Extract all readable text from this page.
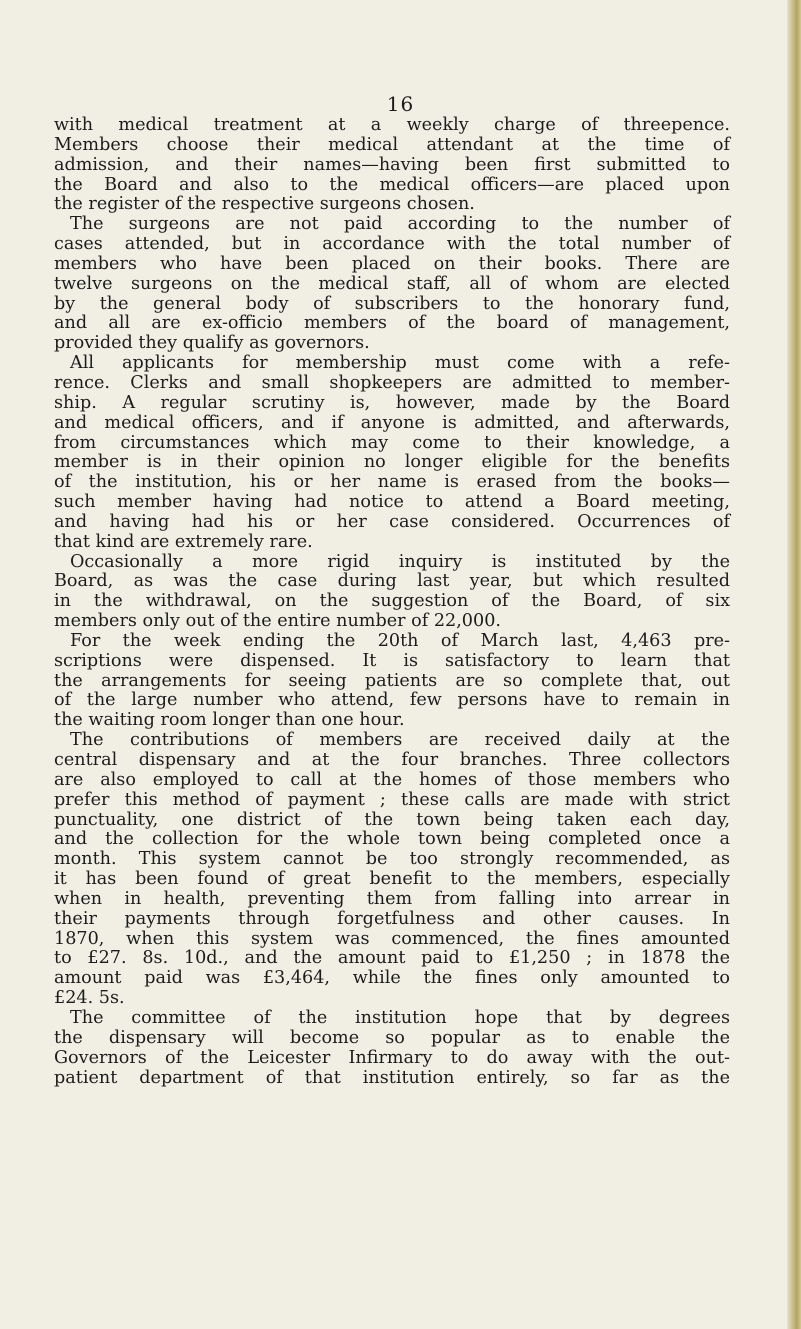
16
with medical treatment at a weekly charge of threepence.
Members choose their medical attendant at the time of
admission, and their names—having been first submitted to
the Board and also to the medical officers—are placed upon
the register of the respective surgeons chosen.
The surgeons are not paid according to the number of
cases attended, but in accordance with the total number of
members who have been placed on their books. There are
twelve surgeons on the medical staff, all of whom are elected
by the general body of subscribers to the honorary fund,
and all are ex-officio members of the board of management,
provided they qualify as governors.
All applicants for membership must come with a refe-
rence. Clerks and small shopkeepers are admitted to member-
ship. A regular scrutiny is, however, made by the Board
and medical officers, and if anyone is admitted, and afterwards,
from circumstances which may come to their knowledge, a
member is in their opinion no longer eligible for the benefits
of the institution, his or her name is erased from the books—
such member having had notice to attend a Board meeting,
and having had his or her case considered. Occurrences of
that kind are extremely rare.
Occasionally a more rigid inquiry is instituted by the
Board, as was the case during last year, but which resulted
in the withdrawal, on the suggestion of the Board, of six
members only out of the entire number of 22,000.
For the week ending the 20th of March last, 4,463 pre-
scriptions were dispensed. It is satisfactory to learn that
the arrangements for seeing patients are so complete that, out
of the large number who attend, few persons have to remain in
the waiting room longer than one hour.
The contributions of members are received daily at the
central dispensary and at the four branches. Three collectors
are also employed to call at the homes of those members who
prefer this method of payment ; these calls are made with strict
punctuality, one district of the town being taken each day,
and the collection for the whole town being completed once a
month. This system cannot be too strongly recommended, as
it has been found of great benefit to the members, especially
when in health, preventing them from falling into arrear in
their payments through forgetfulness and other causes. In
1870, when this system was commenced, the fines amounted
to £27. 8s. 10d., and the amount paid to £1,250 ; in 1878 the
amount paid was £3,464, while the fines only amounted to
£24. 5s.
The committee of the institution hope that by degrees
the dispensary will become so popular as to enable the
Governors of the Leicester Infirmary to do away with the out-
patient department of that institution entirely, so far as the
